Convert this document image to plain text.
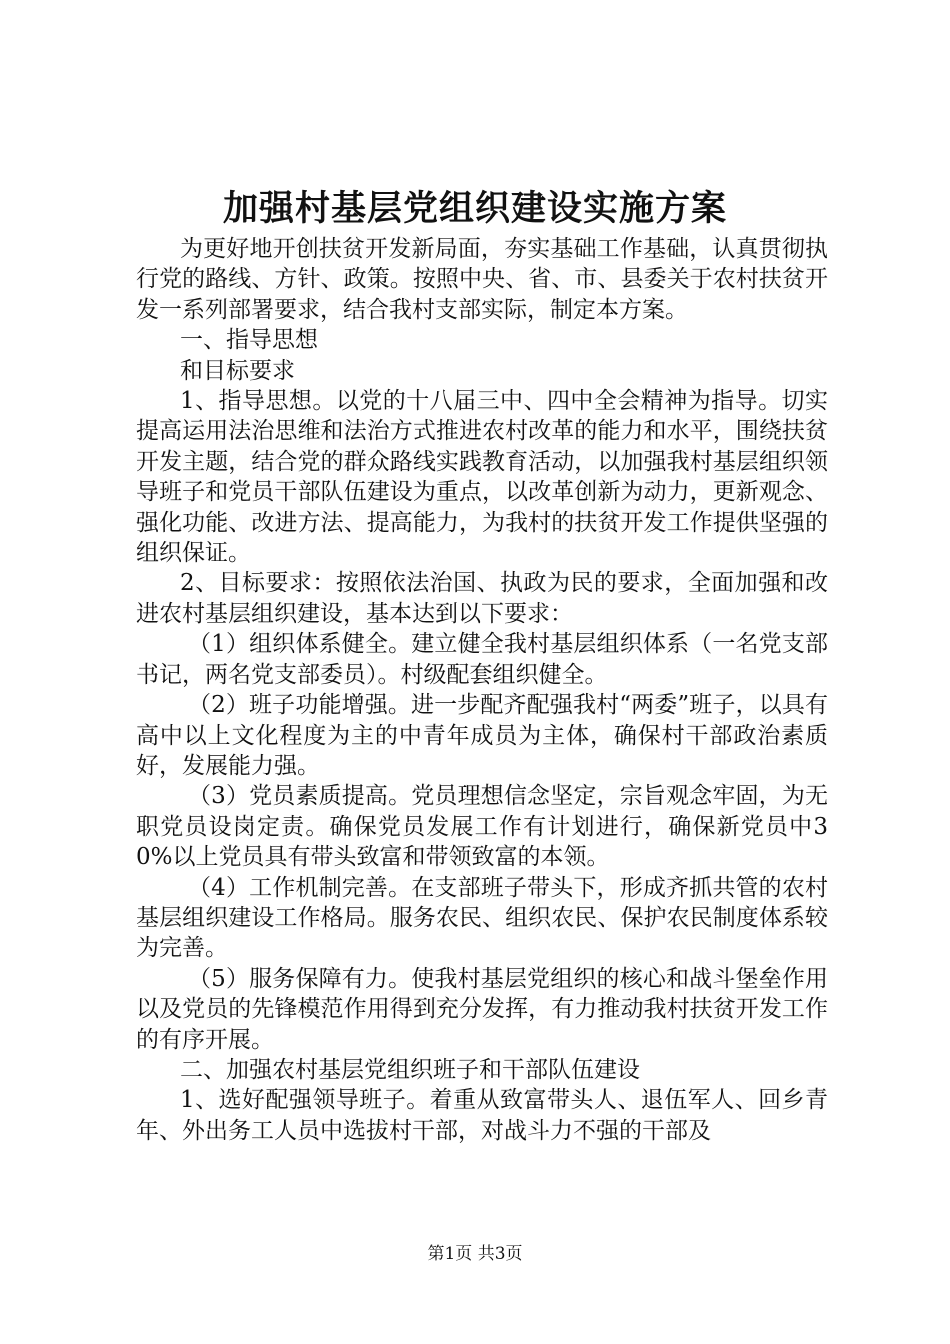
加强村基层党组织建设实施方案

为更好地开创扶贫开发新局面，夯实基础工作基础，认真贯彻执行党的路线、方针、政策。按照中央、省、市、县委关于农村扶贫开发一系列部署要求，结合我村支部实际，制定本方案。

一、指导思想

和目标要求

1、指导思想。以党的十八届三中、四中全会精神为指导。切实提高运用法治思维和法治方式推进农村改革的能力和水平，围绕扶贫开发主题，结合党的群众路线实践教育活动，以加强我村基层组织领导班子和党员干部队伍建设为重点，以改革创新为动力，更新观念、强化功能、改进方法、提高能力，为我村的扶贫开发工作提供坚强的组织保证。

2、目标要求：按照依法治国、执政为民的要求，全面加强和改进农村基层组织建设，基本达到以下要求：

（1）组织体系健全。建立健全我村基层组织体系（一名党支部书记，两名党支部委员）。村级配套组织健全。

（2）班子功能增强。进一步配齐配强我村“两委”班子，以具有高中以上文化程度为主的中青年成员为主体，确保村干部政治素质好，发展能力强。

（3）党员素质提高。党员理想信念坚定，宗旨观念牢固，为无职党员设岗定责。确保党员发展工作有计划进行，确保新党员中30%以上党员具有带头致富和带领致富的本领。

（4）工作机制完善。在支部班子带头下，形成齐抓共管的农村基层组织建设工作格局。服务农民、组织农民、保护农民制度体系较为完善。

（5）服务保障有力。使我村基层党组织的核心和战斗堡垒作用以及党员的先锋模范作用得到充分发挥，有力推动我村扶贫开发工作的有序开展。

二、加强农村基层党组织班子和干部队伍建设

1、选好配强领导班子。着重从致富带头人、退伍军人、回乡青年、外出务工人员中选拔村干部，对战斗力不强的干部及

第1页 共3页
